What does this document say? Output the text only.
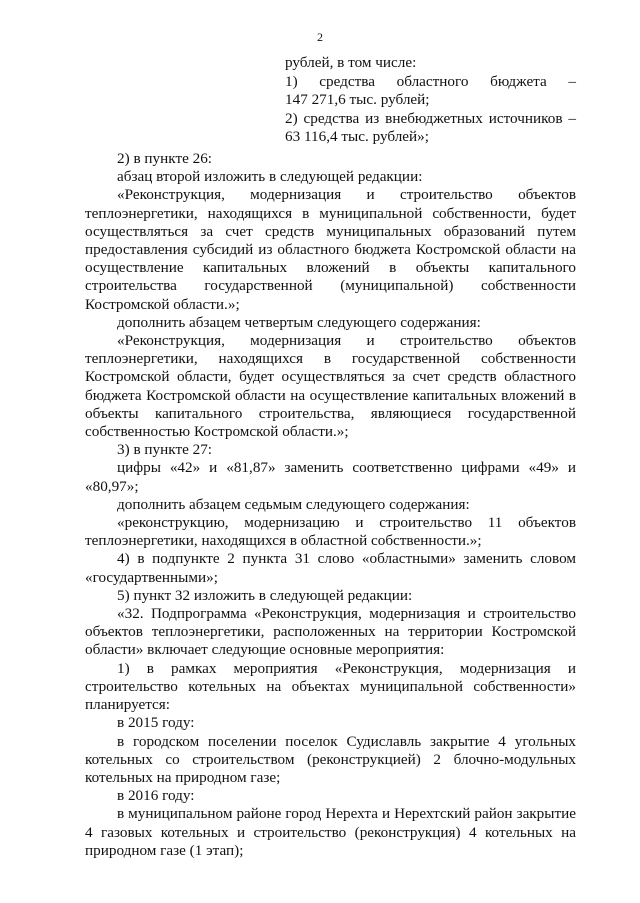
2
рублей, в том числе:
1)  средства  областного  бюджета  –
147 271,6 тыс. рублей;
2) средства из внебюджетных источников –
63 116,4 тыс. рублей»;

2) в пункте 26:

абзац второй изложить в следующей редакции:

«Реконструкция, модернизация и строительство объектов теплоэнергетики, находящихся в муниципальной собственности, будет осуществляться за счет средств муниципальных образований путем предоставления субсидий из областного бюджета Костромской области на осуществление капитальных вложений в объекты капитального строительства государственной (муниципальной) собственности Костромской области.»;

дополнить абзацем четвертым следующего содержания:

«Реконструкция, модернизация и строительство объектов теплоэнергетики, находящихся в государственной собственности Костромской области, будет осуществляться за счет средств областного бюджета Костромской области на осуществление капитальных вложений в объекты капитального строительства, являющиеся государственной собственностью Костромской области.»;

3) в пункте 27:

цифры «42» и «81,87» заменить соответственно цифрами «49» и «80,97»;

дополнить абзацем седьмым следующего содержания:

«реконструкцию, модернизацию и строительство 11 объектов теплоэнергетики, находящихся в областной собственности.»;

4) в подпункте 2 пункта 31 слово «областными» заменить словом «государтвенными»;

5) пункт 32 изложить в следующей редакции:

«32. Подпрограмма «Реконструкция, модернизация и строительство объектов теплоэнергетики, расположенных на территории Костромской области» включает следующие основные мероприятия:

1) в рамках мероприятия «Реконструкция, модернизация и строительство котельных на объектах муниципальной собственности» планируется:

в 2015 году:

в городском поселении поселок Судиславль закрытие 4 угольных котельных со строительством (реконструкцией) 2 блочно-модульных котельных на природном газе;

в 2016 году:

в муниципальном районе город Нерехта и Нерехтский район закрытие 4 газовых котельных и строительство (реконструкция) 4 котельных на природном газе (1 этап);
